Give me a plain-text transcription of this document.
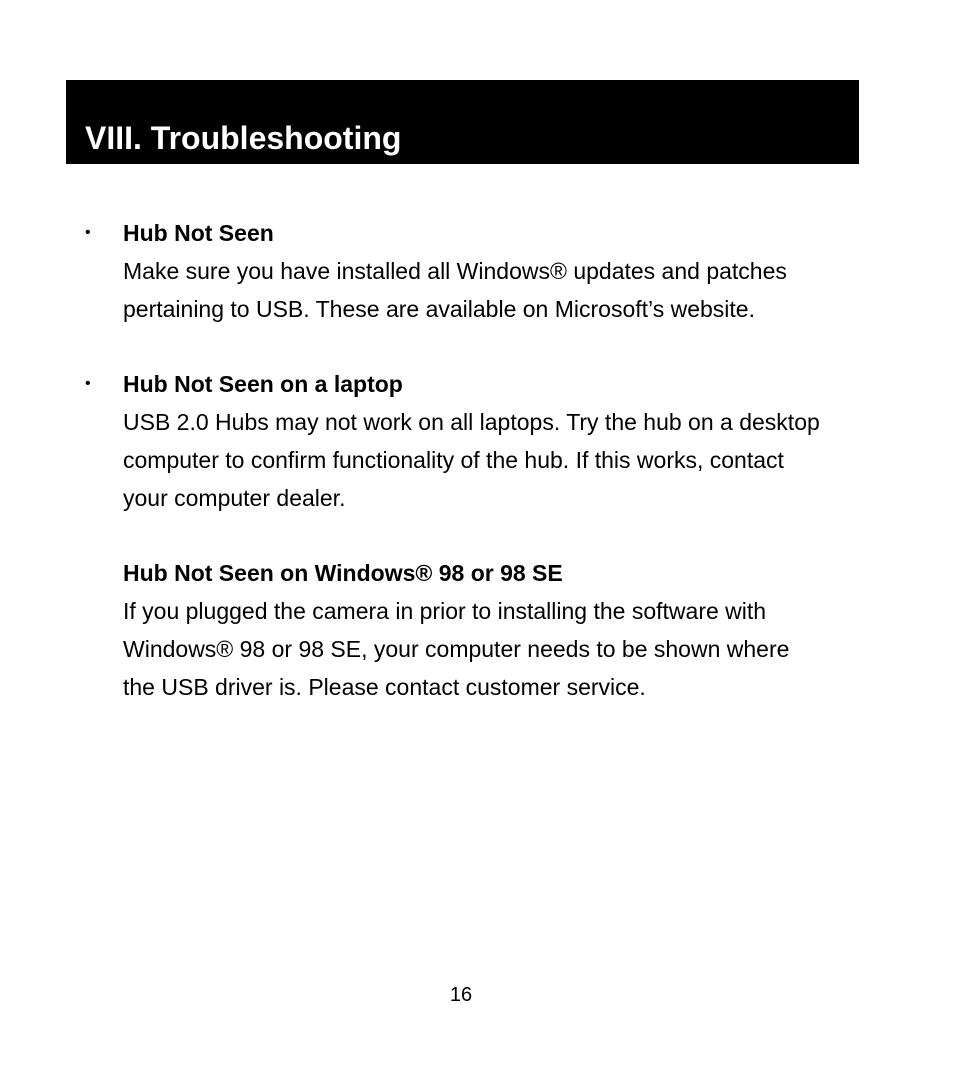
VIII. Troubleshooting
• Hub Not Seen
Make sure you have installed all Windows® updates and patches
pertaining to USB. These are available on Microsoft’s website.
• Hub Not Seen on a laptop
USB 2.0 Hubs may not work on all laptops. Try the hub on a desktop
computer to confirm functionality of the hub. If this works, contact
your computer dealer.
Hub Not Seen on Windows® 98 or 98 SE
If you plugged the camera in prior to installing the software with
Windows® 98 or 98 SE, your computer needs to be shown where
the USB driver is. Please contact customer service.
16
